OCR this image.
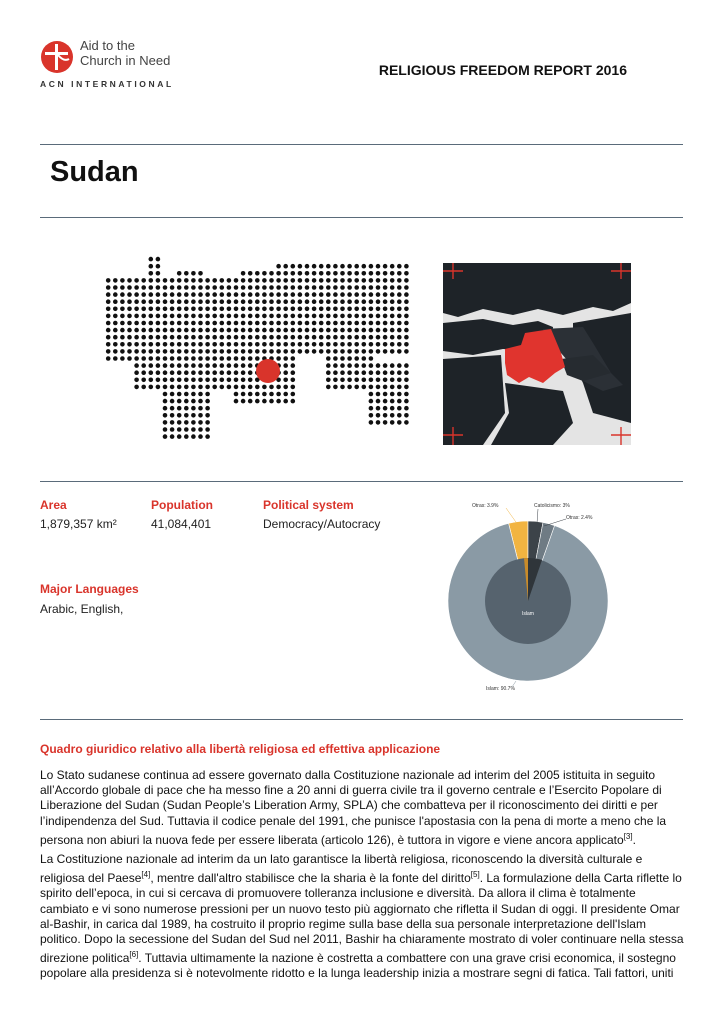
Aid to the
Church in Need
ACN INTERNATIONAL
RELIGIOUS FREEDOM REPORT 2016
Sudan
Area
1,879,357 km²
Population
41,084,401
Political system
Democracy/Autocracy
Major Languages
Arabic, English,	Islam
Otras: 3.9%	Catolicismo: 3%
Otras: 2.4%
Islam: 90.7%
Quadro giuridico relativo alla libertà religiosa ed effettiva applicazione
Lo Stato sudanese continua ad essere governato dalla Costituzione nazionale ad interim del 2005 istituita in seguito all’Accordo globale di pace che ha messo fine a 20 anni di guerra civile tra il governo centrale e l’Esercito Popolare di Liberazione del Sudan (Sudan People’s Liberation Army, SPLA) che combatteva per il riconoscimento dei diritti e per l’indipendenza del Sud. Tuttavia il codice penale del 1991, che punisce l'apostasia con la pena di morte a meno che la persona non abiuri la nuova fede per essere liberata (articolo 126), è tuttora in vigore e viene ancora applicato[3].
La Costituzione nazionale ad interim da un lato garantisce la libertà religiosa, riconoscendo la diversità culturale e religiosa del Paese[4], mentre dall'altro stabilisce che la sharia è la fonte del diritto[5]. La formulazione della Carta riflette lo spirito dell’epoca, in cui si cercava di promuovere tolleranza inclusione e diversità. Da allora il clima è totalmente cambiato e vi sono numerose pressioni per un nuovo testo più aggiornato che rifletta il Sudan di oggi. Il presidente Omar al-Bashir, in carica dal 1989, ha costruito il proprio regime sulla base della sua personale interpretazione dell'Islam politico. Dopo la secessione del Sudan del Sud nel 2011, Bashir ha chiaramente mostrato di voler continuare nella stessa direzione politica[6]. Tuttavia ultimamente la nazione è costretta a combattere con una grave crisi economica, il sostegno popolare alla presidenza si è notevolmente ridotto e la lunga leadership inizia a mostrare segni di fatica. Tali fattori, uniti
